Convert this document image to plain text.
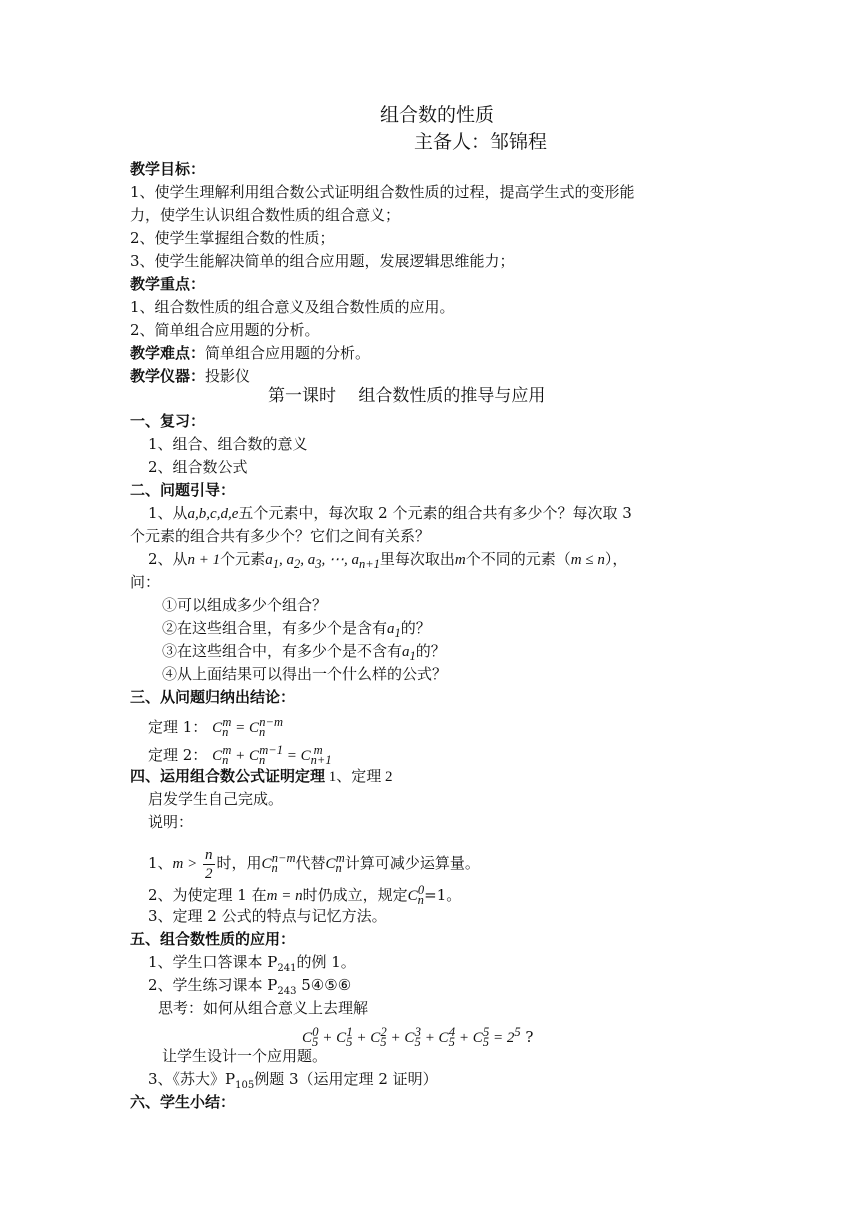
组合数的性质
主备人：邹锦程
教学目标：
1、使学生理解利用组合数公式证明组合数性质的过程，提高学生式的变形能
力，使学生认识组合数性质的组合意义；
2、使学生掌握组合数的性质；
3、使学生能解决简单的组合应用题，发展逻辑思维能力；
教学重点：
1、组合数性质的组合意义及组合数性质的应用。
2、简单组合应用题的分析。
教学难点：简单组合应用题的分析。
教学仪器：投影仪
第一课时　 组合数性质的推导与应用
一、复习：
1、组合、组合数的意义
2、组合数公式
二、问题引导：
1、从a,b,c,d,e五个元素中，每次取 2 个元素的组合共有多少个？每次取 3
个元素的组合共有多少个？它们之间有关系？
2、从n + 1个元素$a_1$, $a_2$, $a_3$, ⋯, $a_{n+1}$里每次取出m个不同的元素（m ≤ n），
问：
①可以组成多少个组合？
②在这些组合里，有多少个是含有$a_1$的？
③在这些组合中，有多少个是不含有$a_1$的？
④从上面结果可以得出一个什么样的公式？
三、从问题归纳出结论：
定理 1： $C_n^m = C_n^{n-m}$
定理 2： $C_n^m + C_n^{m-1} = C_{n+1}^m$
四、运用组合数公式证明定理 1、定理 2
启发学生自己完成。
说明：
1、$m > \frac{n}{2}$ 时，用$C_n^{n-m}$代替$C_n^m$计算可减少运算量。
2、为使定理 1 在m = n时仍成立，规定$C_n^0=1$。
3、定理 2 公式的特点与记忆方法。
五、组合数性质的应用：
1、学生口答课本 $P_{241}$的例 1。
2、学生练习课本 $P_{243}$ 5④⑤⑥
思考：如何从组合意义上去理解
$C_5^0 + C_5^1 + C_5^2 + C_5^3 + C_5^4 + C_5^5 = 2^5$ ?
让学生设计一个应用题。
3、《苏大》$P_{105}$例题 3（运用定理 2 证明）
六、学生小结：
